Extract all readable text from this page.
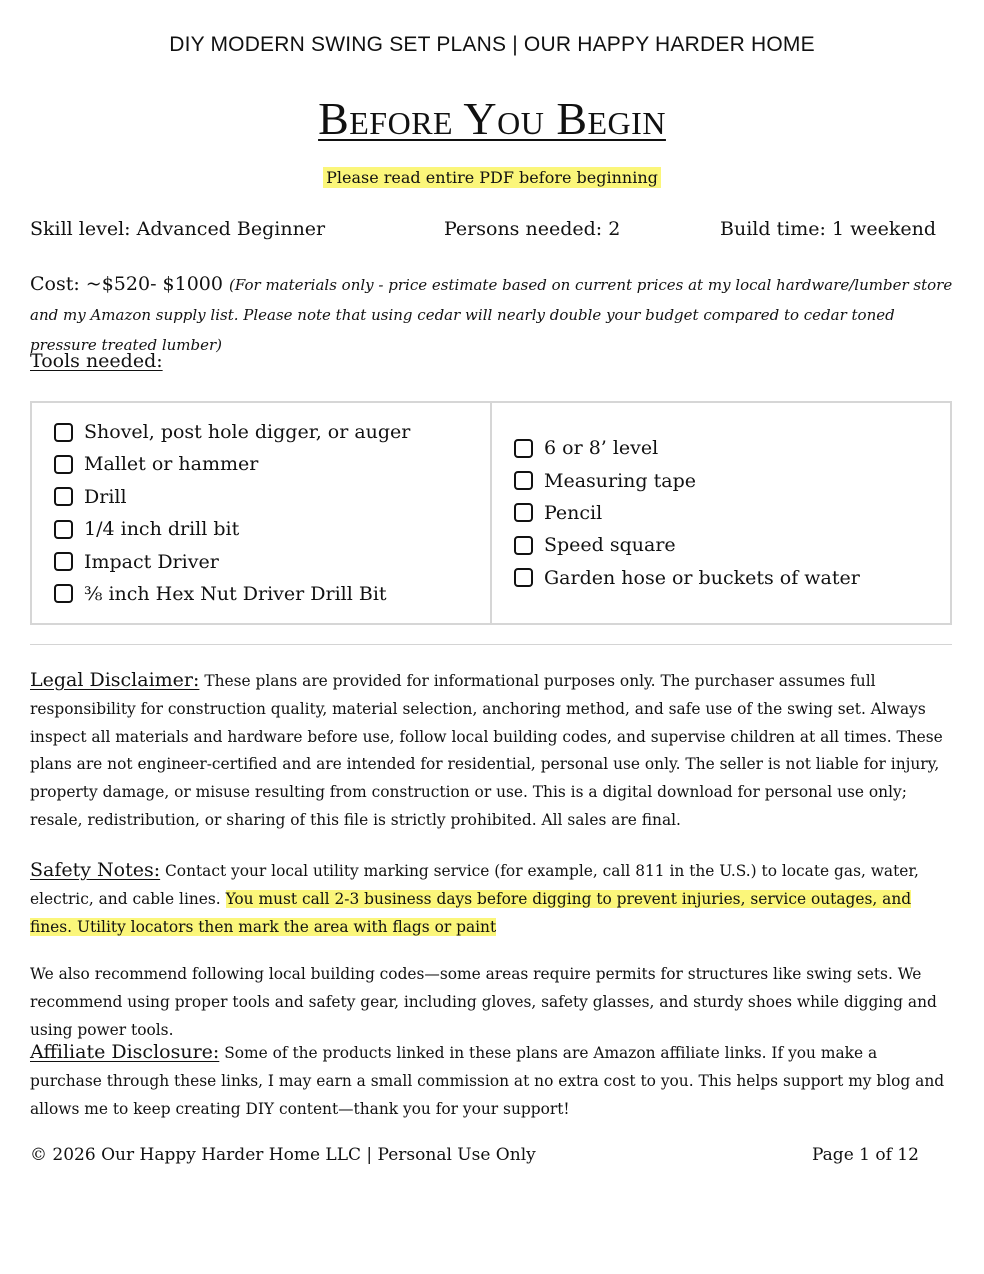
DIY MODERN SWING SET PLANS | OUR HAPPY HARDER HOME
Before You Begin
Please read entire PDF before beginning
Skill level: Advanced Beginner	Persons needed: 2	Build time: 1 weekend
Cost: ~$520- $1000 (For materials only - price estimate based on current prices at my local hardware/lumber store and my Amazon supply list. Please note that using cedar will nearly double your budget compared to cedar toned pressure treated lumber)
Tools needed:
Shovel, post hole digger, or auger
Mallet or hammer
Drill
1/4 inch drill bit
Impact Driver
⅜ inch Hex Nut Driver Drill Bit
6 or 8’ level
Measuring tape
Pencil
Speed square
Garden hose or buckets of water
Legal Disclaimer: These plans are provided for informational purposes only. The purchaser assumes full responsibility for construction quality, material selection, anchoring method, and safe use of the swing set. Always inspect all materials and hardware before use, follow local building codes, and supervise children at all times. These plans are not engineer-certified and are intended for residential, personal use only. The seller is not liable for injury, property damage, or misuse resulting from construction or use. This is a digital download for personal use only; resale, redistribution, or sharing of this file is strictly prohibited. All sales are final.
Safety Notes: Contact your local utility marking service (for example, call 811 in the U.S.) to locate gas, water, electric, and cable lines. You must call 2-3 business days before digging to prevent injuries, service outages, and fines. Utility locators then mark the area with flags or paint
We also recommend following local building codes—some areas require permits for structures like swing sets. We recommend using proper tools and safety gear, including gloves, safety glasses, and sturdy shoes while digging and using power tools.
Affiliate Disclosure: Some of the products linked in these plans are Amazon affiliate links. If you make a purchase through these links, I may earn a small commission at no extra cost to you. This helps support my blog and allows me to keep creating DIY content—thank you for your support!
© 2026 Our Happy Harder Home LLC | Personal Use Only	Page 1 of 12
